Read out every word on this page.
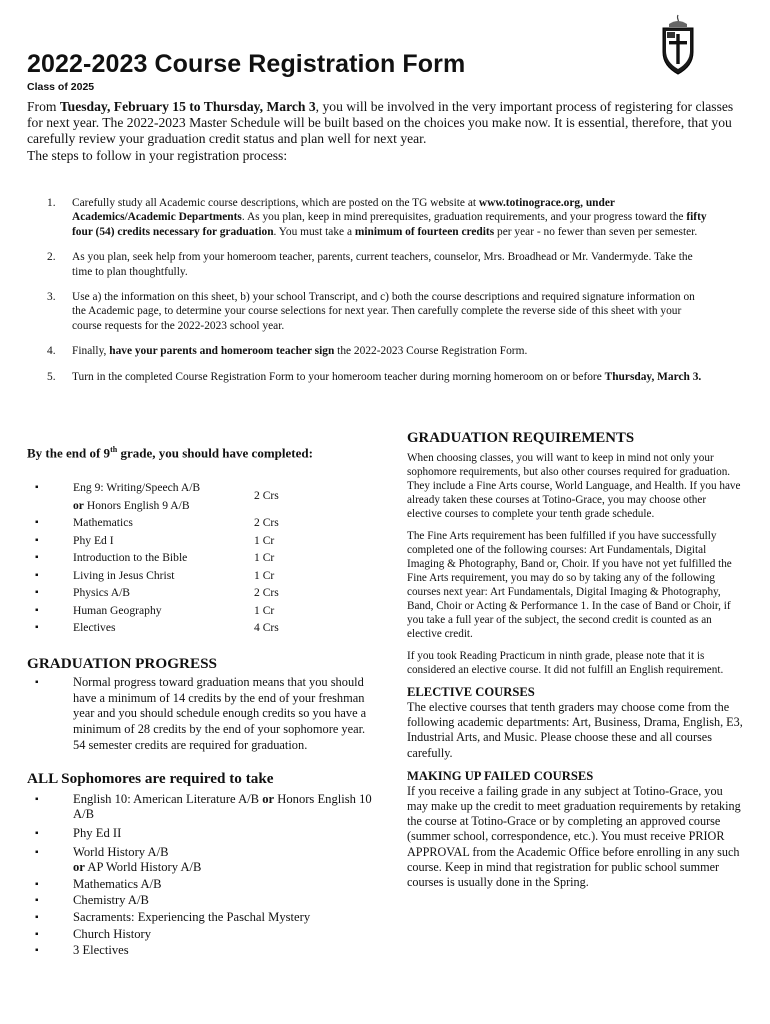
2022-2023 Course Registration Form
Class of 2025

From Tuesday, February 15 to Thursday, March 3, you will be involved in the very important process of registering for classes for next year. The 2022-2023 Master Schedule will be built based on the choices you make now. It is essential, therefore, that you carefully review your graduation credit status and plan well for next year.
The steps to follow in your registration process:

1. Carefully study all Academic course descriptions, which are posted on the TG website at www.totinograce.org, under Academics/Academic Departments. As you plan, keep in mind prerequisites, graduation requirements, and your progress toward the fifty four (54) credits necessary for graduation. You must take a minimum of fourteen credits per year - no fewer than seven per semester.
2. As you plan, seek help from your homeroom teacher, parents, current teachers, counselor, Mrs. Broadhead or Mr. Vandermyde. Take the time to plan thoughtfully.
3. Use a) the information on this sheet, b) your school Transcript, and c) both the course descriptions and required signature information on the Academic page, to determine your course selections for next year. Then carefully complete the reverse side of this sheet with your course requests for the 2022-2023 school year.
4. Finally, have your parents and homeroom teacher sign the 2022-2023 Course Registration Form.
5. Turn in the completed Course Registration Form to your homeroom teacher during morning homeroom on or before Thursday, March 3.

By the end of 9th grade, you should have completed:

▪	Eng 9: Writing/Speech A/B
or Honors English 9 A/B
2 Crs
▪	Mathematics	2 Crs
▪	Phy Ed I	1 Cr
▪	Introduction to the Bible	1 Cr
▪	Living in Jesus Christ	1 Cr
▪	Physics A/B	2 Crs
▪	Human Geography	1 Cr
▪	Electives	4 Crs
GRADUATION PROGRESS
▪	Normal progress toward graduation means that you should have a minimum of 14 credits by the end of your freshman year and you should schedule enough credits so you have a minimum of 28 credits by the end of your sophomore year. 54 semester credits are required for graduation.
ALL Sophomores are required to take
▪	English 10: American Literature A/B or Honors English 10 A/B
▪	Phy Ed II
▪	World History A/B
or AP World History A/B
▪	Mathematics A/B
▪	Chemistry A/B
▪	Sacraments: Experiencing the Paschal Mystery
▪	Church History
▪	3 Electives
GRADUATION REQUIREMENTS

When choosing classes, you will want to keep in mind not only your sophomore requirements, but also other courses required for graduation. They include a Fine Arts course, World Language, and Health. If you have already taken these courses at Totino-Grace, you may choose other elective courses to complete your tenth grade schedule.

The Fine Arts requirement has been fulfilled if you have successfully completed one of the following courses: Art Fundamentals, Digital Imaging & Photography, Band or, Choir. If you have not yet fulfilled the Fine Arts requirement, you may do so by taking any of the following courses next year: Art Fundamentals, Digital Imaging & Photography, Band, Choir or Acting & Performance 1. In the case of Band or Choir, if you take a full year of the subject, the second credit is counted as an elective credit.

If you took Reading Practicum in ninth grade, please note that it is considered an elective course. It did not fulfill an English requirement.

ELECTIVE COURSES

The elective courses that tenth graders may choose come from the following academic departments: Art, Business, Drama, English, E3, Industrial Arts, and Music. Please choose these and all courses carefully.

MAKING UP FAILED COURSES

If you receive a failing grade in any subject at Totino-Grace, you may make up the credit to meet graduation requirements by retaking the course at Totino-Grace or by completing an approved course (summer school, correspondence, etc.). You must receive PRIOR APPROVAL from the Academic Office before enrolling in any such course. Keep in mind that registration for public school summer courses is usually done in the Spring.
